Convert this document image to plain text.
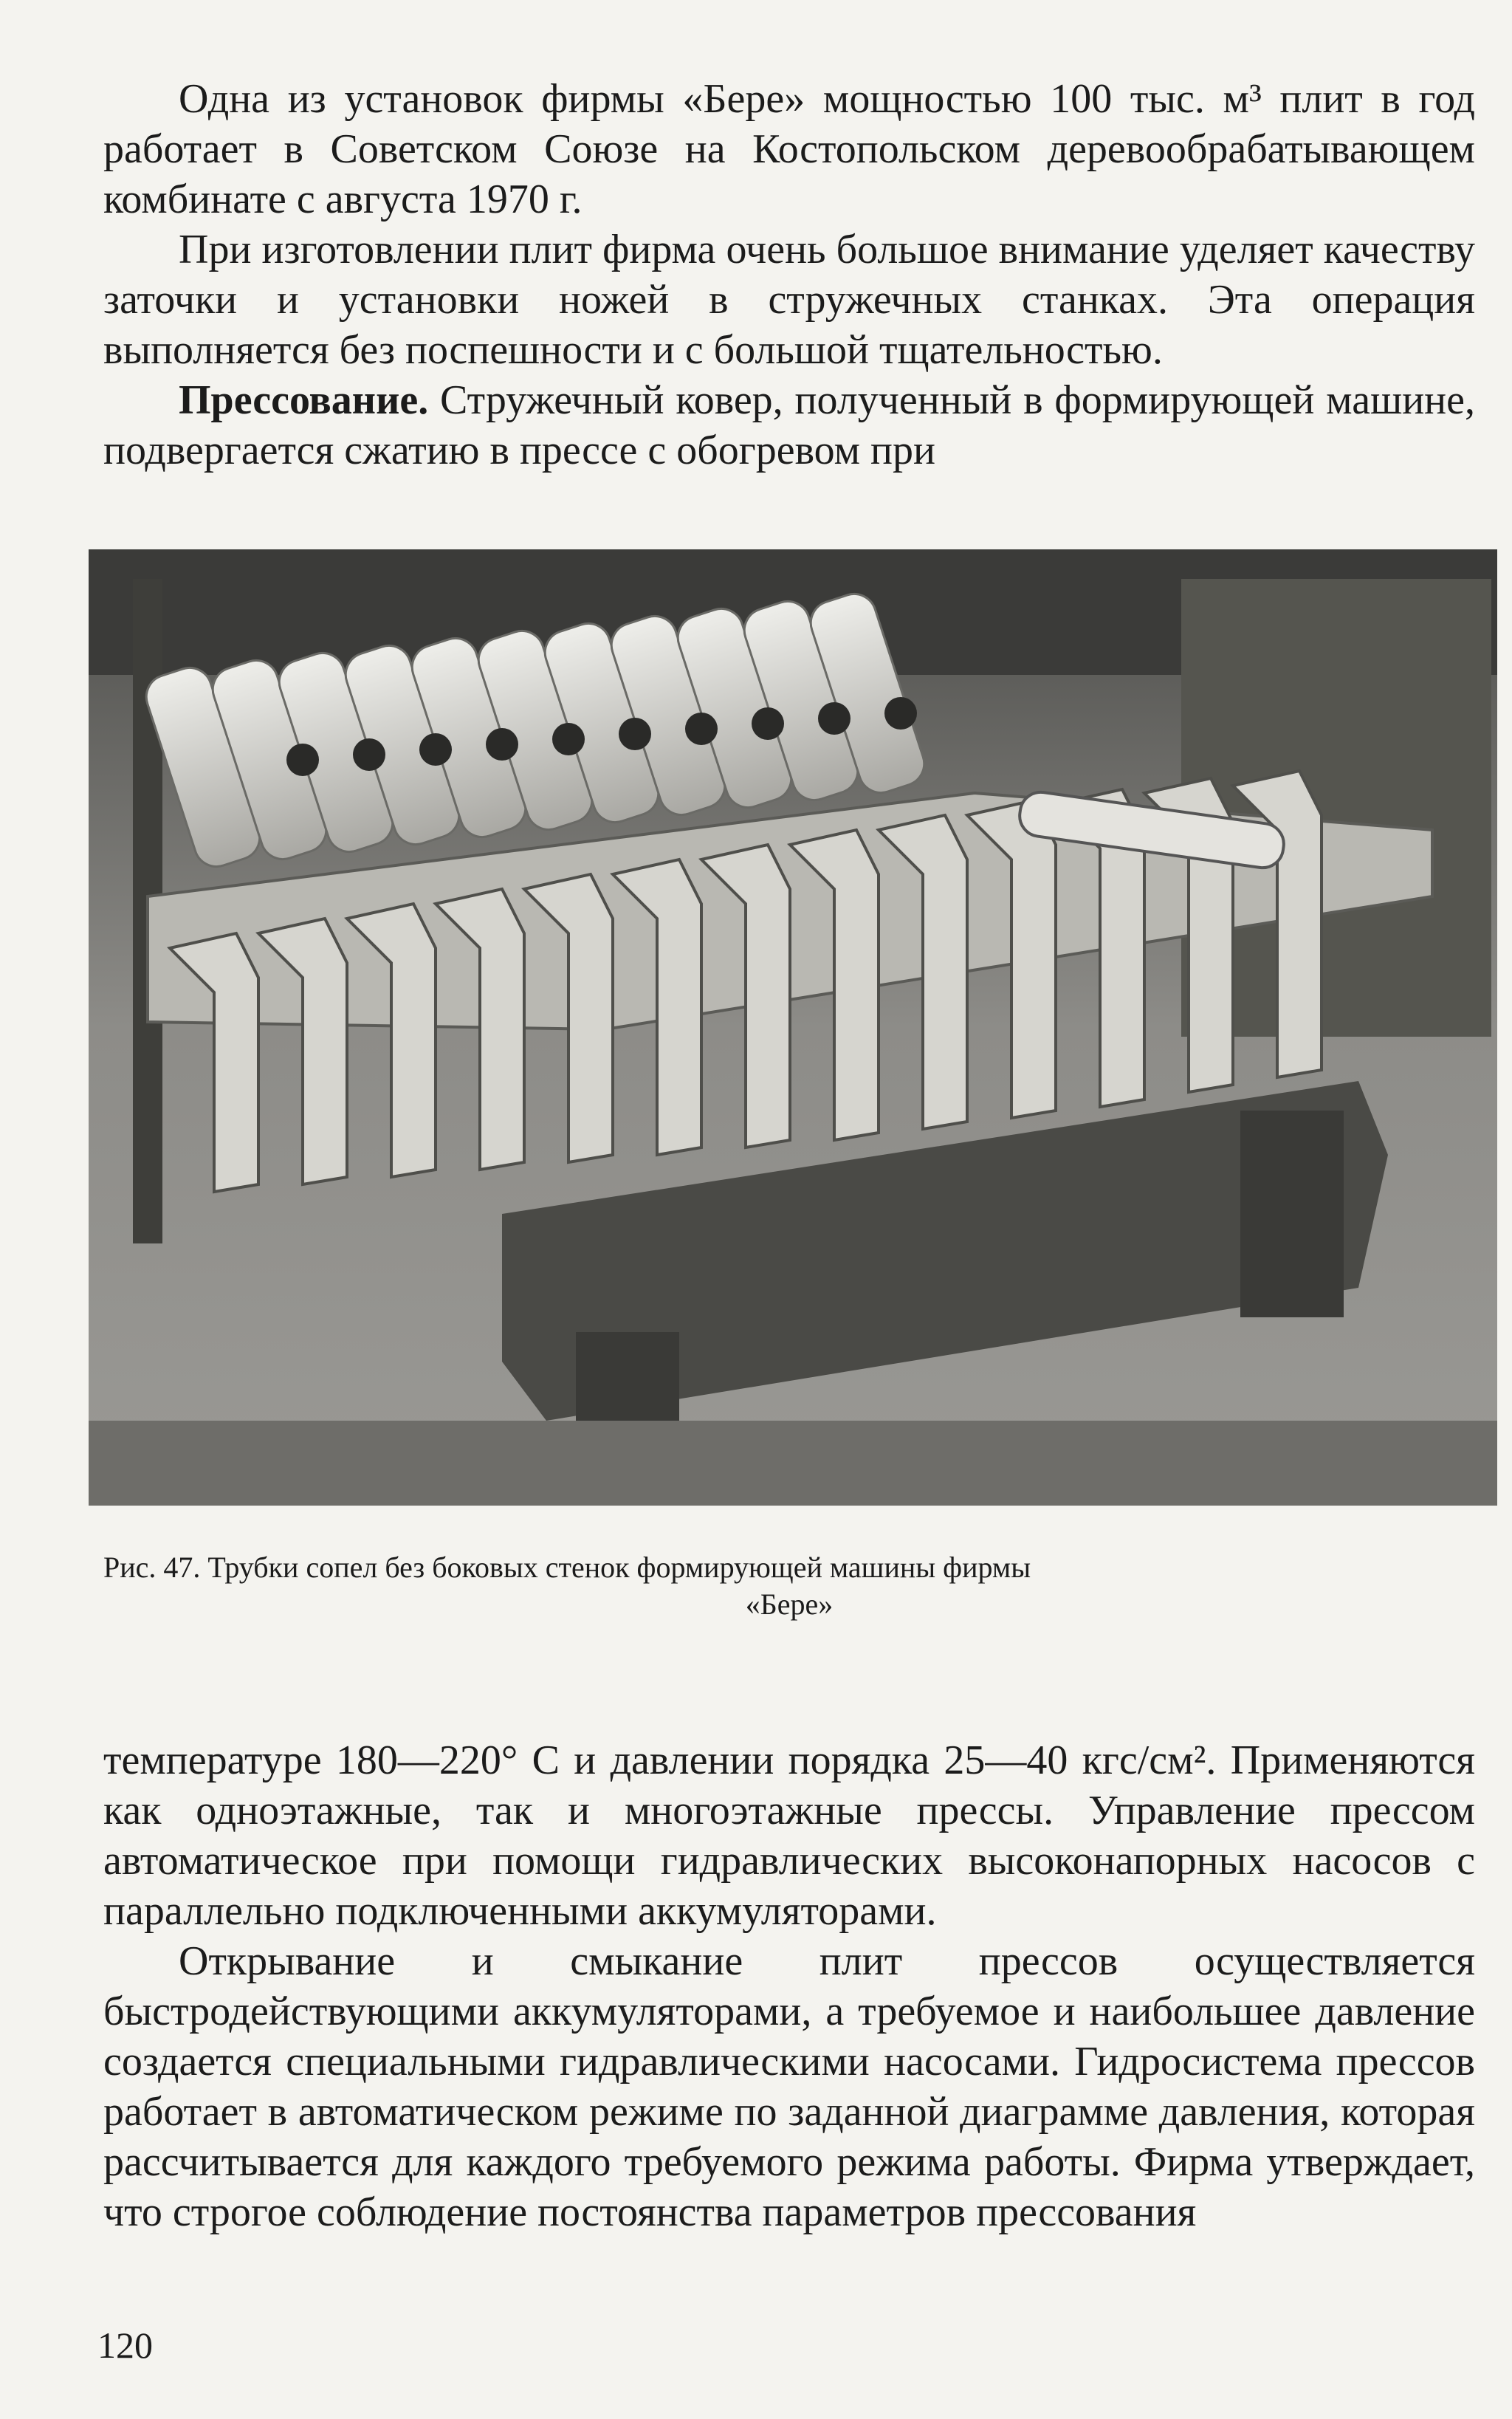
Одна из установок фирмы «Бере» мощностью 100 тыс. м³ плит в год работает в Советском Союзе на Костопольском деревообрабатывающем комбинате с августа 1970 г.

При изготовлении плит фирма очень большое внимание уделяет качеству заточки и установки ножей в стружечных станках. Эта операция выполняется без поспешности и с большой тщательностью.

Прессование. Стружечный ковер, полученный в формирующей машине, подвергается сжатию в прессе с обогревом при

Рис. 47. Трубки сопел без боковых стенок формирующей машины фирмы
«Бере»

температуре 180—220° С и давлении порядка 25—40 кгс/см². Применяются как одноэтажные, так и многоэтажные прессы. Управление прессом автоматическое при помощи гидравлических высоконапорных насосов с параллельно подключенными аккумуляторами.

Открывание и смыкание плит прессов осуществляется быстродействующими аккумуляторами, а требуемое и наибольшее давление создается специальными гидравлическими насосами. Гидросистема прессов работает в автоматическом режиме по заданной диаграмме давления, которая рассчитывается для каждого требуемого режима работы. Фирма утверждает, что строгое соблюдение постоянства параметров прессования

120
